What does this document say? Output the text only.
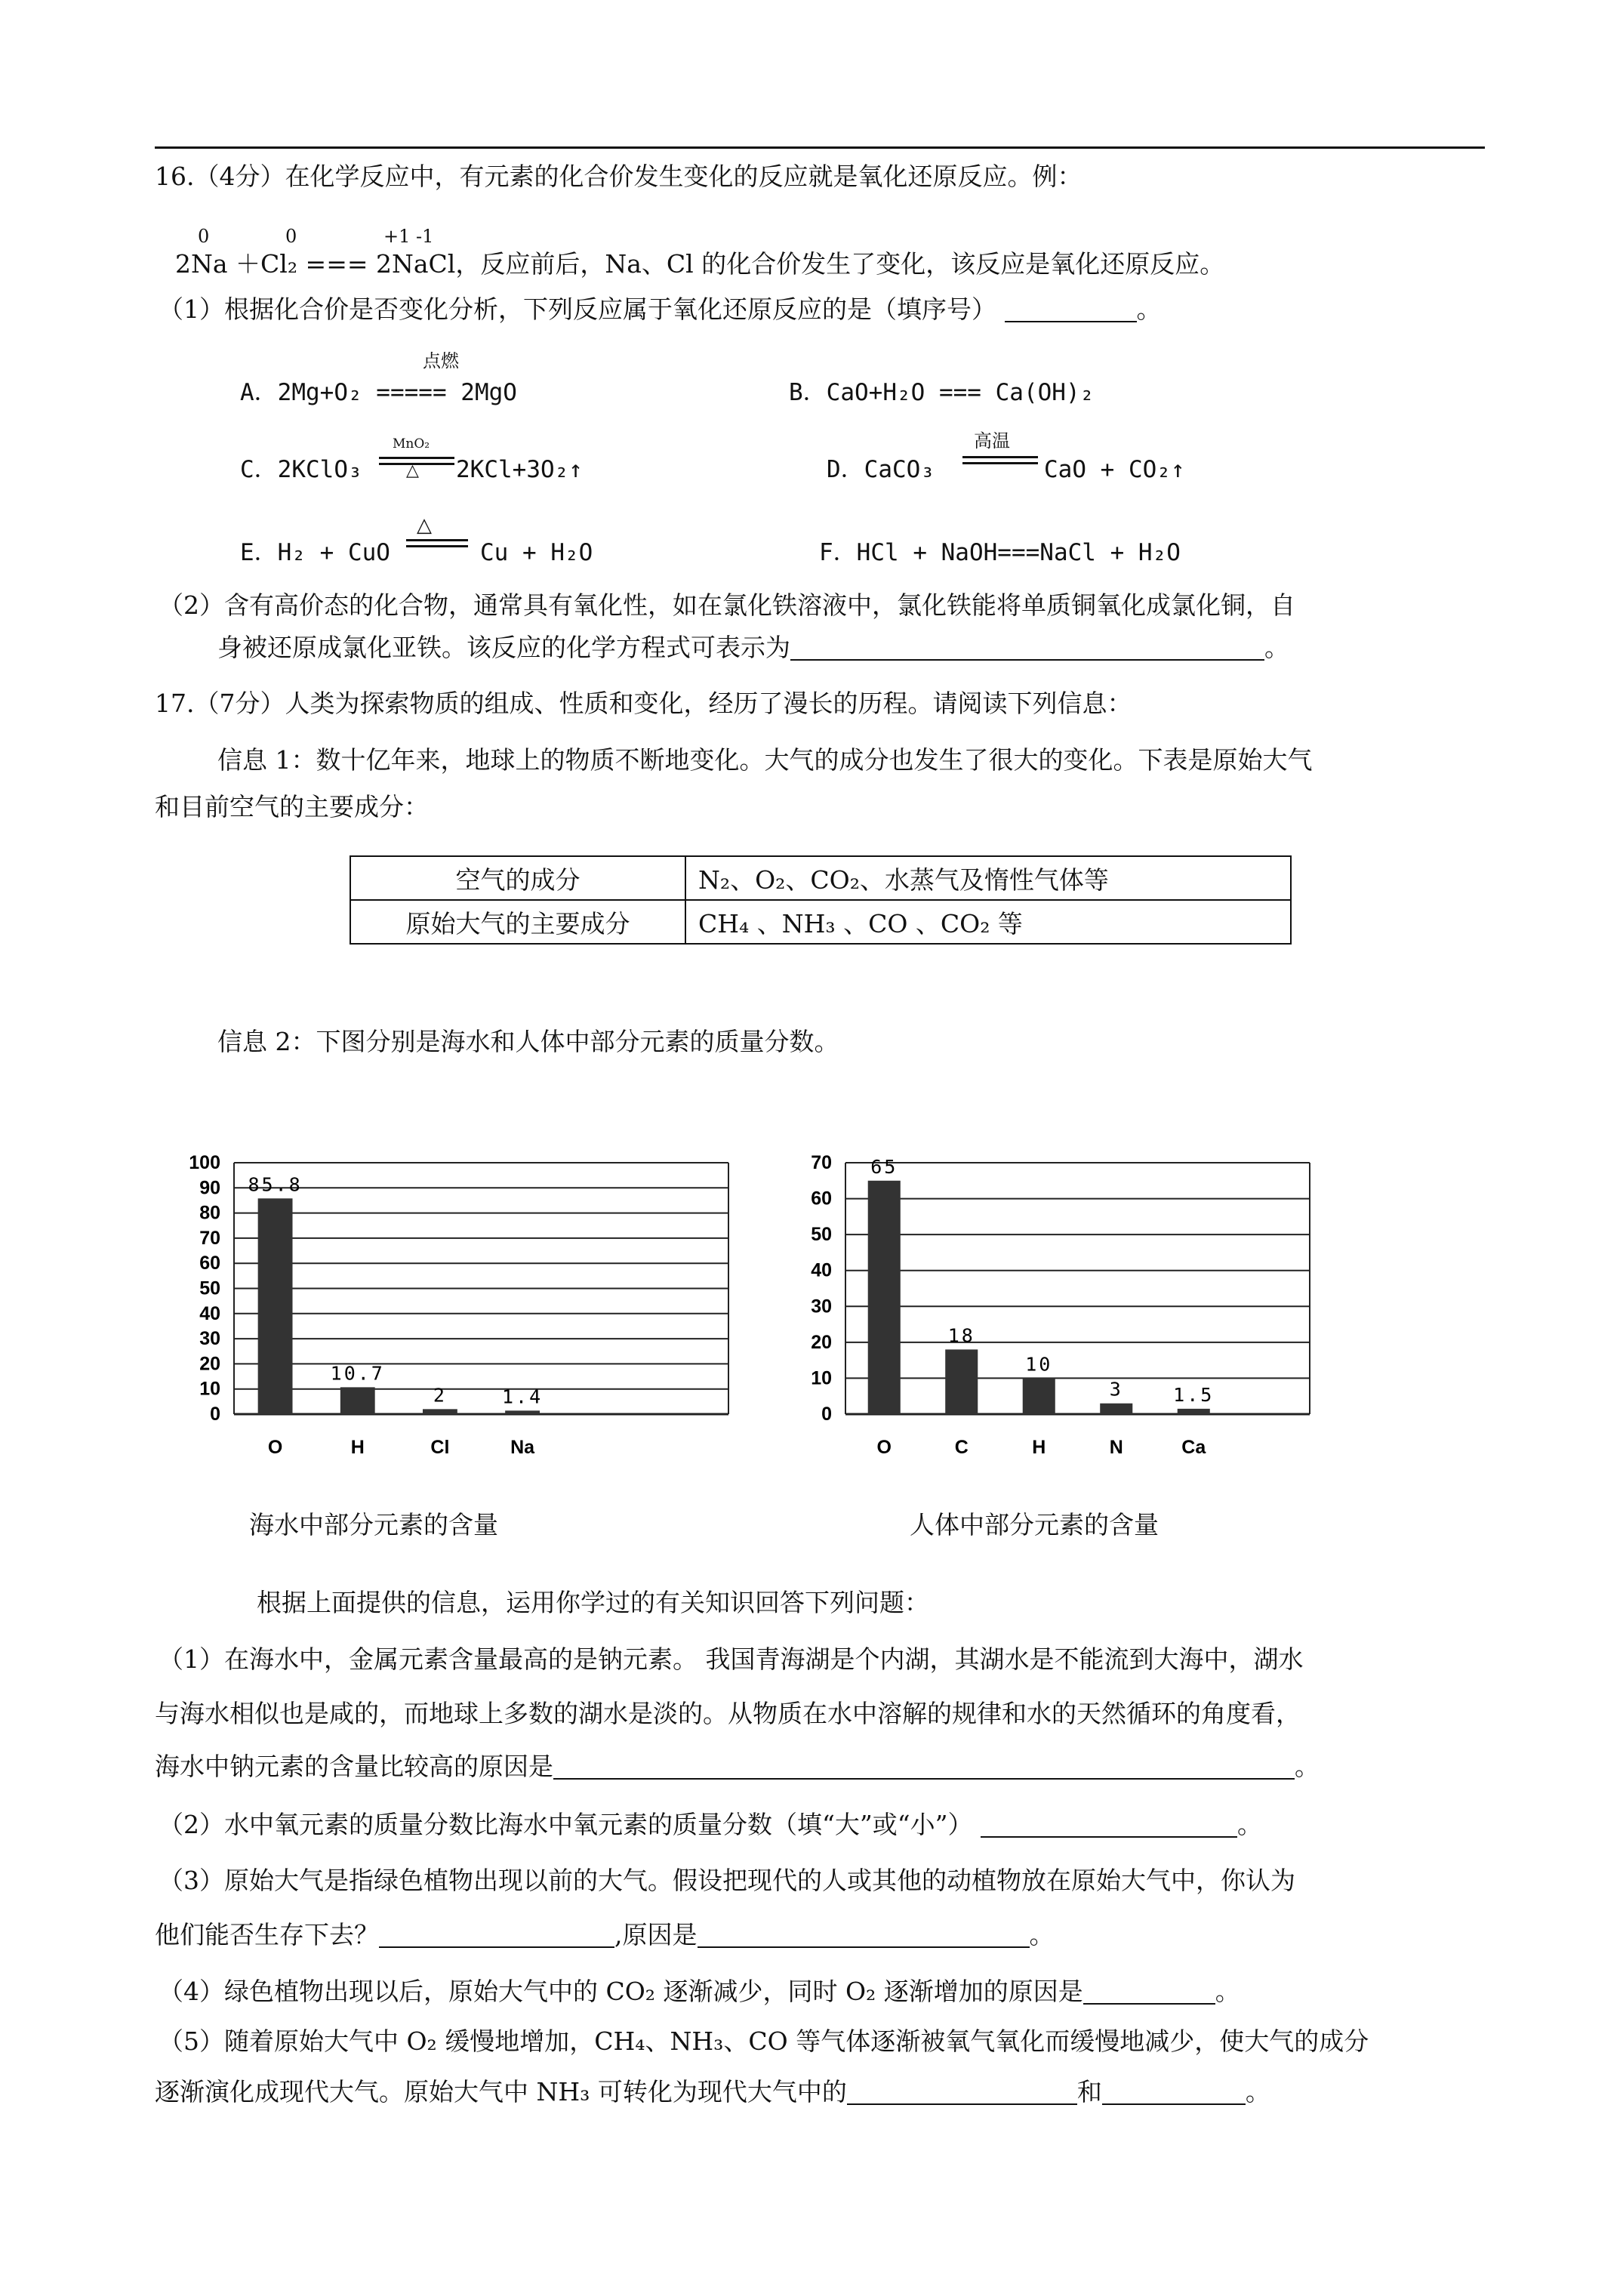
16.（4分）在化学反应中，有元素的化合价发生变化的反应就是氧化还原反应。例：
0	0	+1 -1
2Na ＋Cl₂ === 2NaCl，反应前后，Na、Cl 的化合价发生了变化，该反应是氧化还原反应。
（1）根据化合价是否变化分析，下列反应属于氧化还原反应的是（填序号）	。
点燃
A．2Mg+O₂ ===== 2MgO	B．CaO+H₂O === Ca(OH)₂
C．2KClO₃
MnO₂
△ 2KCl+3O₂↑
高温
D．CaCO₃	CaO + CO₂↑
E．H₂ + CuO
△
Cu + H₂O	F．HCl + NaOH===NaCl + H₂O
（2）含有高价态的化合物，通常具有氧化性，如在氯化铁溶液中，氯化铁能将单质铜氧化成氯化铜，自
身被还原成氯化亚铁。该反应的化学方程式可表示为	。
17.（7分）人类为探索物质的组成、性质和变化，经历了漫长的历程。请阅读下列信息：
信息 1：数十亿年来，地球上的物质不断地变化。大气的成分也发生了很大的变化。下表是原始大气
和目前空气的主要成分：
空气的成分	N₂、O₂、CO₂、水蒸气及惰性气体等
原始大气的主要成分	CH₄ 、NH₃ 、CO 、CO₂ 等
信息 2：下图分别是海水和人体中部分元素的质量分数。
0
10
20
30
40
50
60
70
80
90
100
85.8
O
10.7
H
2
Cl
1.4
Na
0
10
20
30
40
50
60
70 65
O
18
C
10
H
3
N
1.5
Ca
海水中部分元素的含量	人体中部分元素的含量
根据上面提供的信息，运用你学过的有关知识回答下列问题：
（1）在海水中，金属元素含量最高的是钠元素。 我国青海湖是个内湖，其湖水是不能流到大海中，湖水
与海水相似也是咸的，而地球上多数的湖水是淡的。从物质在水中溶解的规律和水的天然循环的角度看，
海水中钠元素的含量比较高的原因是	。
（2）水中氧元素的质量分数比海水中氧元素的质量分数（填“大”或“小”）	。
（3）原始大气是指绿色植物出现以前的大气。假设把现代的人或其他的动植物放在原始大气中，你认为
他们能否生存下去？	,原因是	。
（4）绿色植物出现以后，原始大气中的 CO₂ 逐渐减少，同时 O₂ 逐渐增加的原因是	。
（5）随着原始大气中 O₂ 缓慢地增加，CH₄、NH₃、CO 等气体逐渐被氧气氧化而缓慢地减少，使大气的成分
逐渐演化成现代大气。原始大气中 NH₃ 可转化为现代大气中的	和	。
